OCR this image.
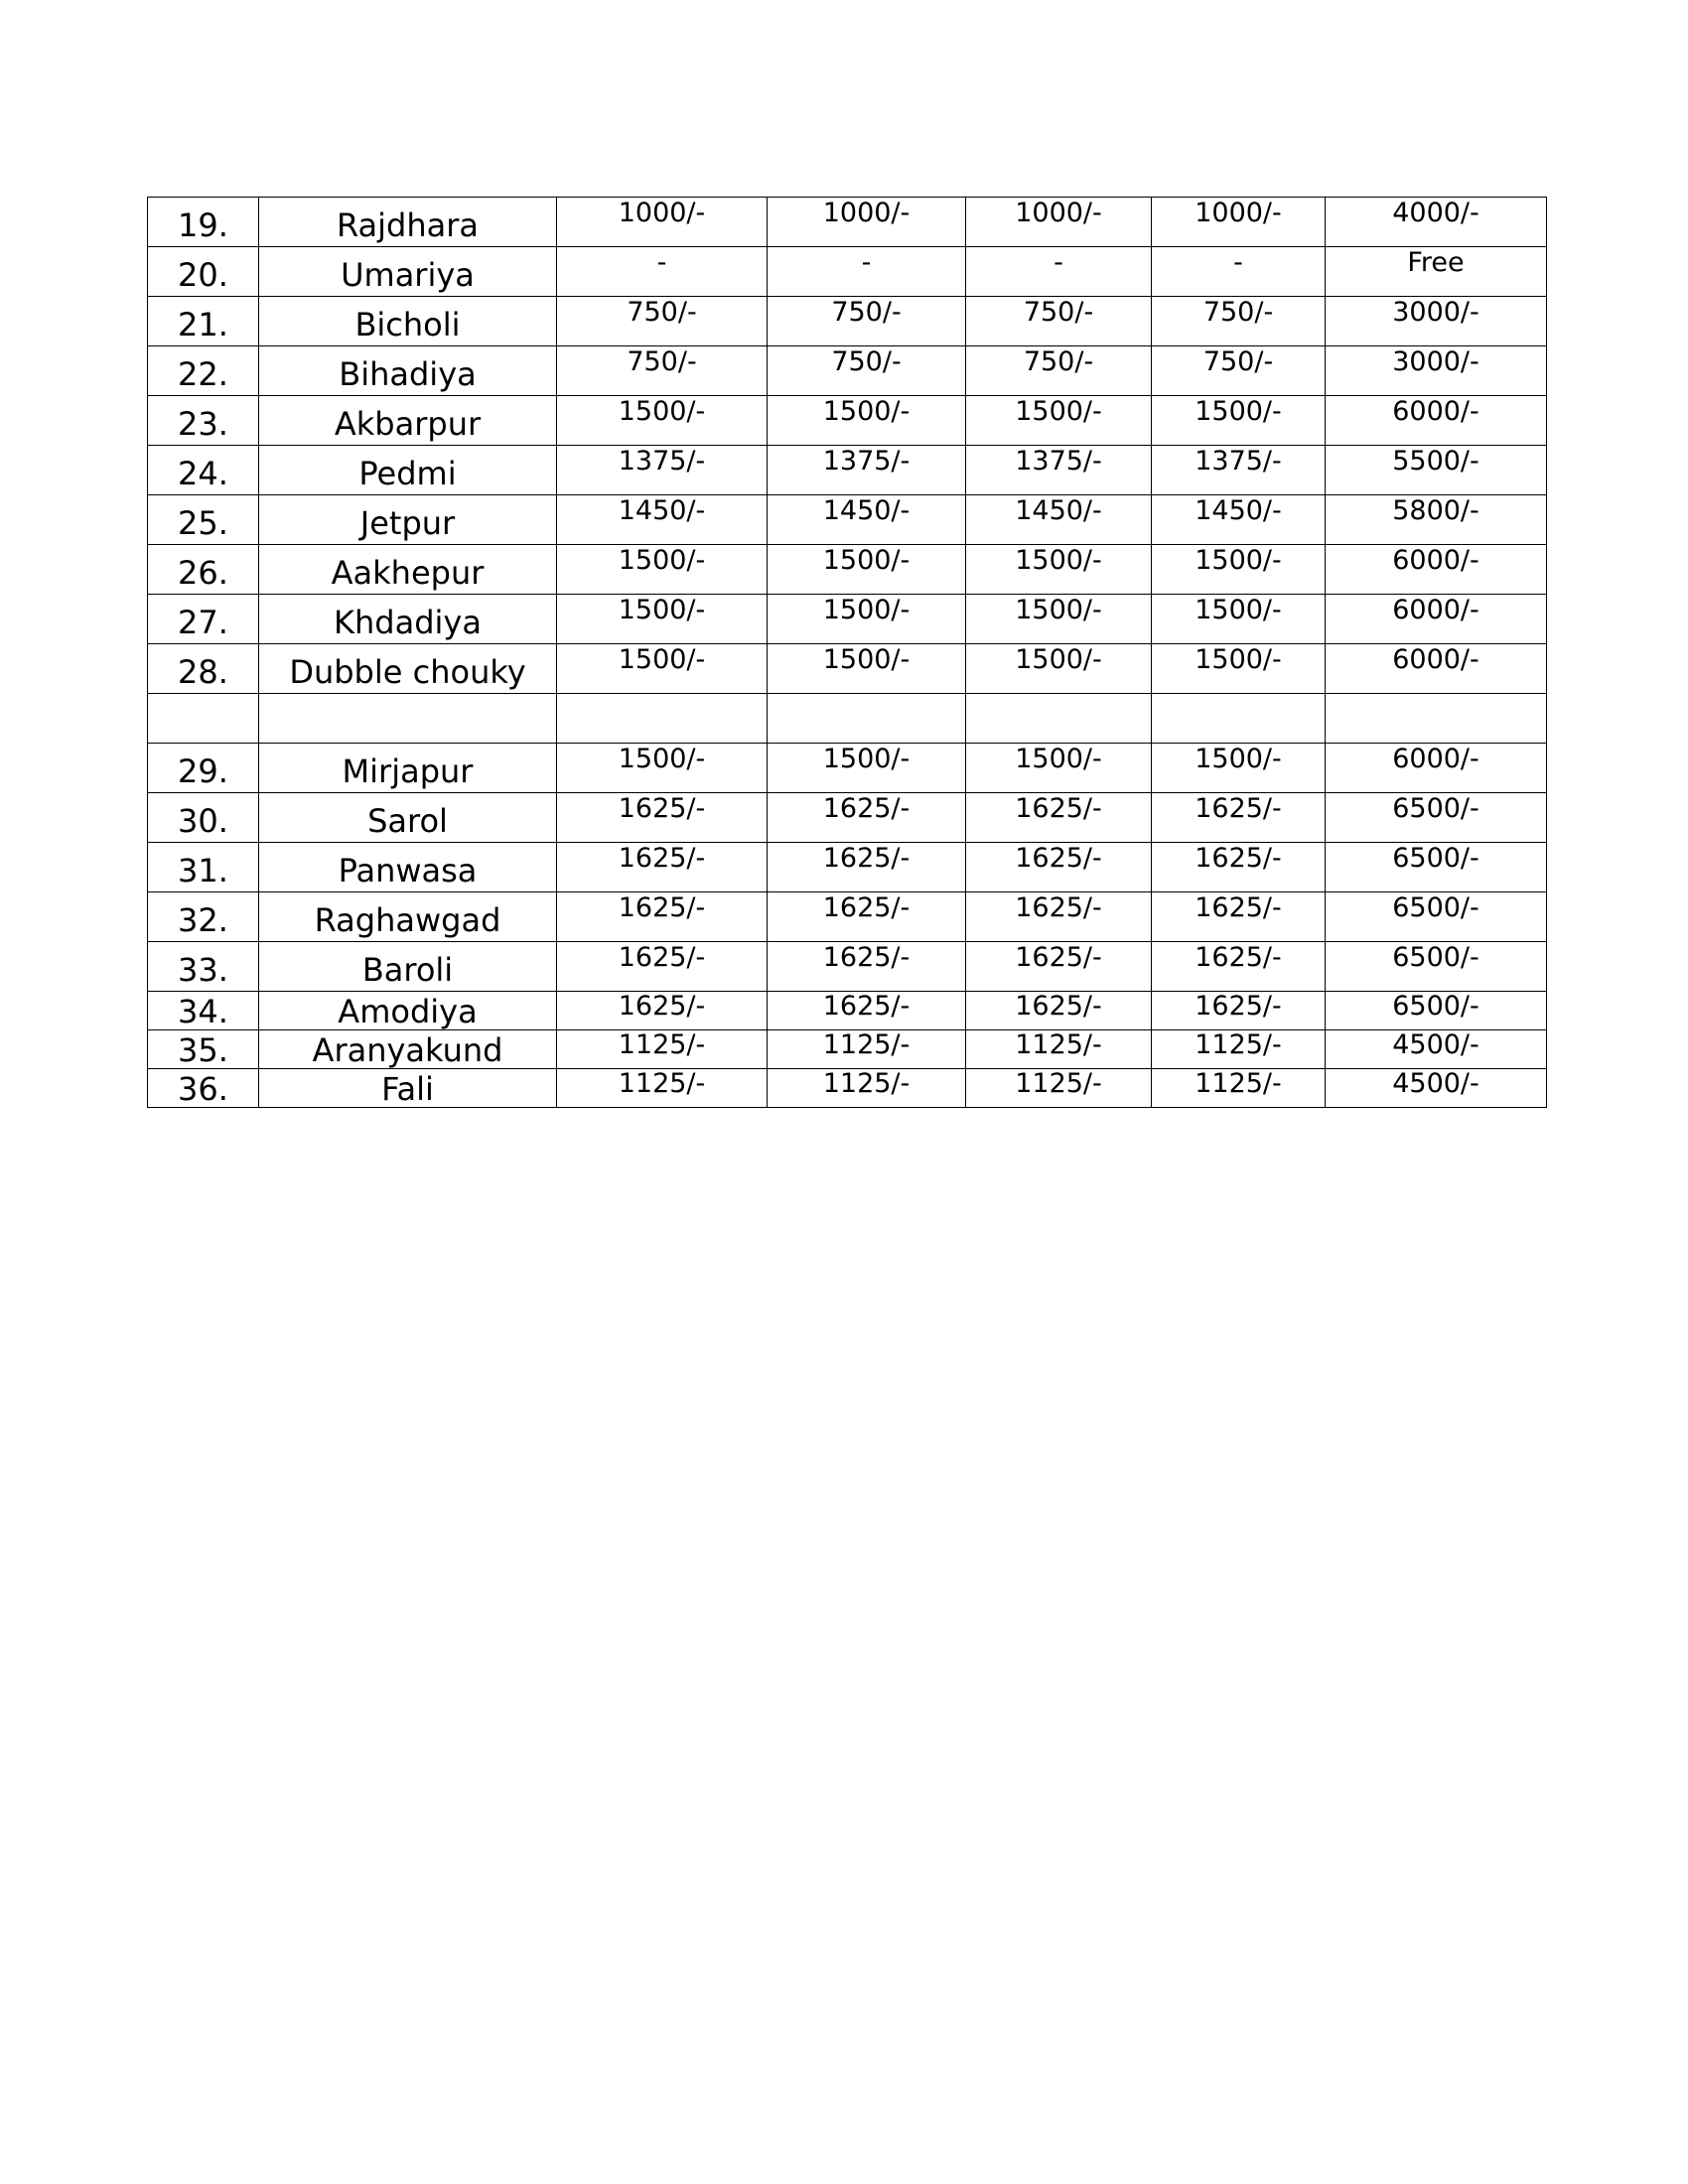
19.	Rajdhara	1000/-	1000/-	1000/-	1000/-	4000/-
20.	Umariya	-	-	-	-	Free
21.	Bicholi	750/-	750/-	750/-	750/-	3000/-
22.	Bihadiya	750/-	750/-	750/-	750/-	3000/-
23.	Akbarpur	1500/-	1500/-	1500/-	1500/-	6000/-
24.	Pedmi	1375/-	1375/-	1375/-	1375/-	5500/-
25.	Jetpur	1450/-	1450/-	1450/-	1450/-	5800/-
26.	Aakhepur	1500/-	1500/-	1500/-	1500/-	6000/-
27.	Khdadiya	1500/-	1500/-	1500/-	1500/-	6000/-
28.	Dubble chouky	1500/-	1500/-	1500/-	1500/-	6000/-

29.	Mirjapur	1500/-	1500/-	1500/-	1500/-	6000/-
30.	Sarol	1625/-	1625/-	1625/-	1625/-	6500/-
31.	Panwasa	1625/-	1625/-	1625/-	1625/-	6500/-
32.	Raghawgad	1625/-	1625/-	1625/-	1625/-	6500/-
33.	Baroli	1625/-	1625/-	1625/-	1625/-	6500/-
34.	Amodiya	1625/-	1625/-	1625/-	1625/-	6500/-
35.	Aranyakund	1125/-	1125/-	1125/-	1125/-	4500/-
36.	Fali	1125/-	1125/-	1125/-	1125/-	4500/-
